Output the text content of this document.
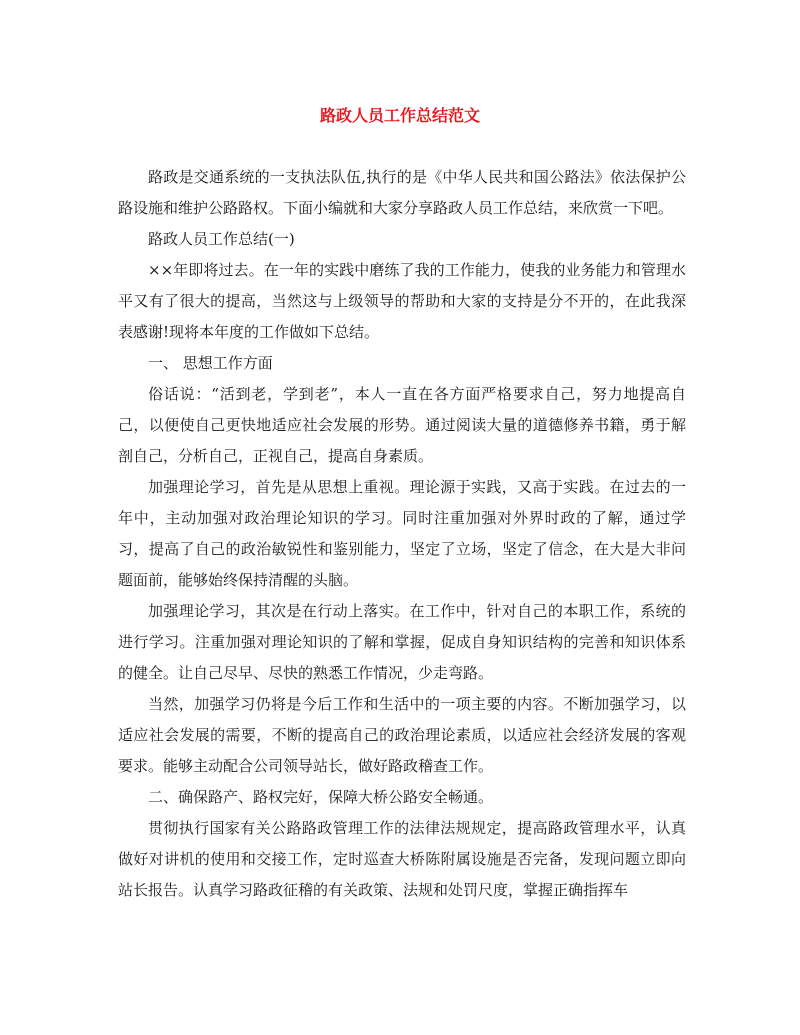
路政人员工作总结范文

路政是交通系统的一支执法队伍,执行的是《中华人民共和国公路法》依法保护公路设施和维护公路路权。下面小编就和大家分享路政人员工作总结，来欣赏一下吧。

路政人员工作总结(一)

××年即将过去。在一年的实践中磨练了我的工作能力，使我的业务能力和管理水平又有了很大的提高，当然这与上级领导的帮助和大家的支持是分不开的，在此我深表感谢!现将本年度的工作做如下总结。

一、 思想工作方面

俗话说：“活到老，学到老”，本人一直在各方面严格要求自己，努力地提高自己，以便使自己更快地适应社会发展的形势。通过阅读大量的道德修养书籍，勇于解剖自己，分析自己，正视自己，提高自身素质。

加强理论学习，首先是从思想上重视。理论源于实践，又高于实践。在过去的一年中，主动加强对政治理论知识的学习。同时注重加强对外界时政的了解，通过学习，提高了自己的政治敏锐性和鉴别能力，坚定了立场，坚定了信念，在大是大非问题面前，能够始终保持清醒的头脑。

加强理论学习，其次是在行动上落实。在工作中，针对自己的本职工作，系统的进行学习。注重加强对理论知识的了解和掌握，促成自身知识结构的完善和知识体系的健全。让自己尽早、尽快的熟悉工作情况，少走弯路。

当然，加强学习仍将是今后工作和生活中的一项主要的内容。不断加强学习，以适应社会发展的需要，不断的提高自己的政治理论素质，以适应社会经济发展的客观要求。能够主动配合公司领导站长，做好路政稽查工作。

二、确保路产、路权完好，保障大桥公路安全畅通。

贯彻执行国家有关公路路政管理工作的法律法规规定，提高路政管理水平，认真做好对讲机的使用和交接工作，定时巡查大桥陈附属设施是否完备，发现问题立即向站长报告。认真学习路政征稽的有关政策、法规和处罚尺度，掌握正确指挥车
